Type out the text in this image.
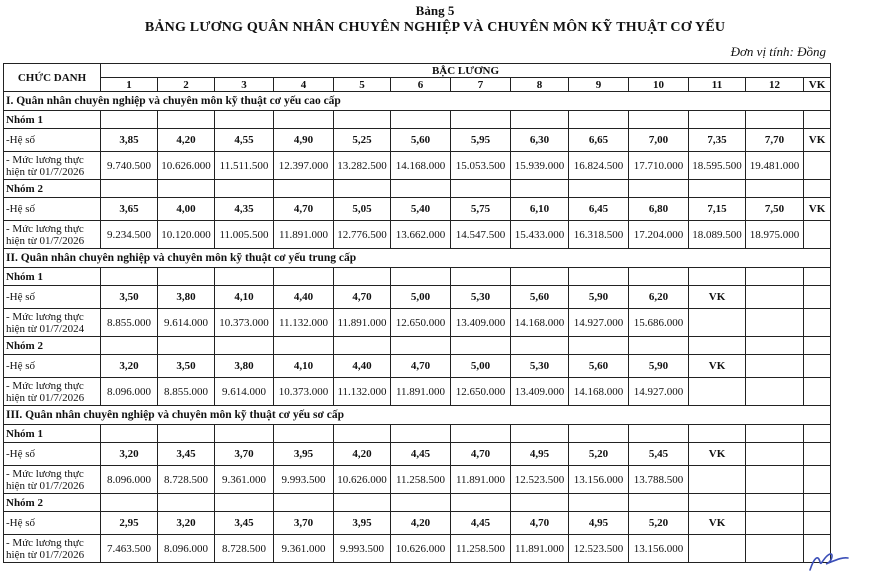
Bảng 5
BẢNG LƯƠNG QUÂN NHÂN CHUYÊN NGHIỆP VÀ CHUYÊN MÔN KỸ THUẬT CƠ YẾU
Đơn vị tính: Đồng
CHỨC DANH	BẬC LƯƠNG												
	1	2	3	4	5	6	7	8	9	10	11	12	VK
I. Quân nhân chuyên nghiệp và chuyên môn kỹ thuật cơ yếu cao cấp													
Nhóm 1													
-Hệ số	3,85	4,20	4,55	4,90	5,25	5,60	5,95	6,30	6,65	7,00	7,35	7,70	VK
- Mức lương thực hiện từ 01/7/2026	9.740.500	10.626.000	11.511.500	12.397.000	13.282.500	14.168.000	15.053.500	15.939.000	16.824.500	17.710.000	18.595.500	19.481.000	
Nhóm 2													
-Hệ số	3,65	4,00	4,35	4,70	5,05	5,40	5,75	6,10	6,45	6,80	7,15	7,50	VK
- Mức lương thực hiện từ 01/7/2026	9.234.500	10.120.000	11.005.500	11.891.000	12.776.500	13.662.000	14.547.500	15.433.000	16.318.500	17.204.000	18.089.500	18.975.000	
II. Quân nhân chuyên nghiệp và chuyên môn kỹ thuật cơ yếu trung cấp													
Nhóm 1													
-Hệ số	3,50	3,80	4,10	4,40	4,70	5,00	5,30	5,60	5,90	6,20	VK		
- Mức lương thực hiện từ 01/7/2024	8.855.000	9.614.000	10.373.000	11.132.000	11.891.000	12.650.000	13.409.000	14.168.000	14.927.000	15.686.000			
Nhóm 2													
-Hệ số	3,20	3,50	3,80	4,10	4,40	4,70	5,00	5,30	5,60	5,90	VK		
- Mức lương thực hiện từ 01/7/2026	8.096.000	8.855.000	9.614.000	10.373.000	11.132.000	11.891.000	12.650.000	13.409.000	14.168.000	14.927.000			
III. Quân nhân chuyên nghiệp và chuyên môn kỹ thuật cơ yếu sơ cấp													
Nhóm 1													
-Hệ số	3,20	3,45	3,70	3,95	4,20	4,45	4,70	4,95	5,20	5,45	VK		
- Mức lương thực hiện từ 01/7/2026	8.096.000	8.728.500	9.361.000	9.993.500	10.626.000	11.258.500	11.891.000	12.523.500	13.156.000	13.788.500			
Nhóm 2													
-Hệ số	2,95	3,20	3,45	3,70	3,95	4,20	4,45	4,70	4,95	5,20	VK		
- Mức lương thực hiện từ 01/7/2026	7.463.500	8.096.000	8.728.500	9.361.000	9.993.500	10.626.000	11.258.500	11.891.000	12.523.500	13.156.000			
